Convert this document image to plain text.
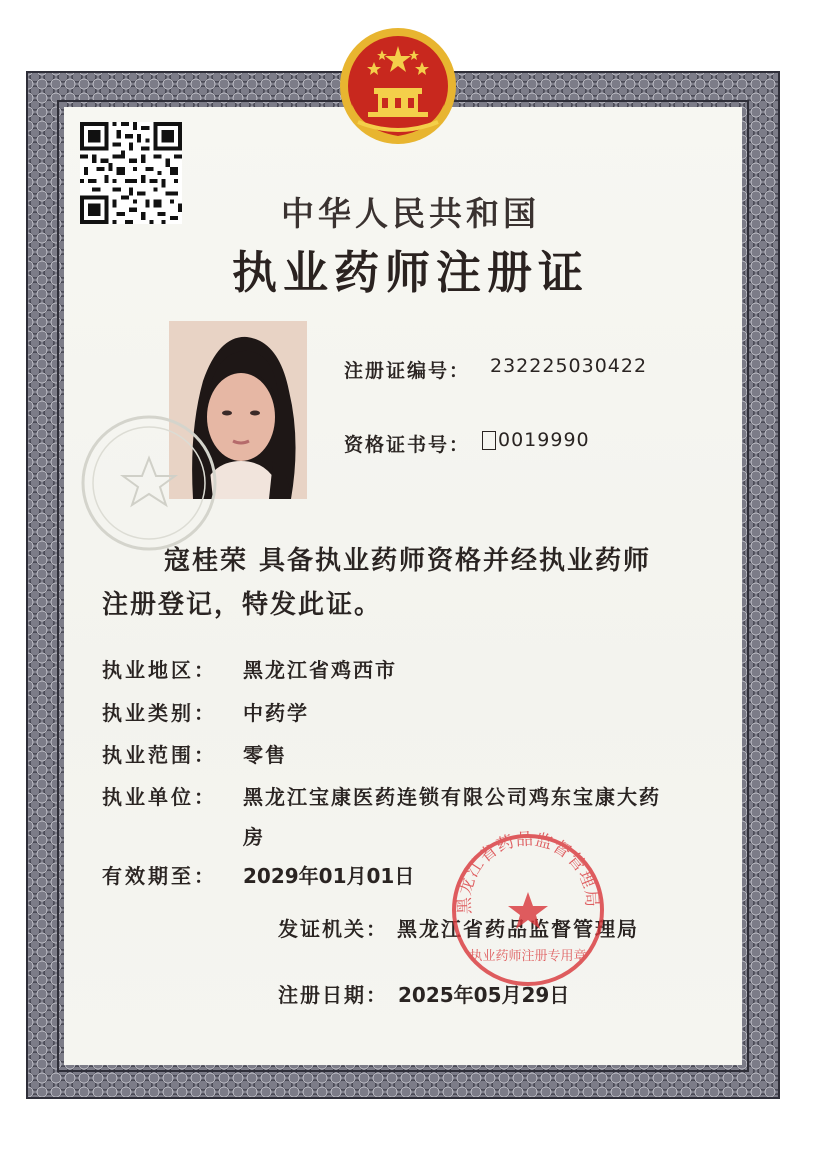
中华人民共和国
执业药师注册证
注册证编号： 232225030422
资格证书号： 0019990
寇桂荣 具备执业药师资格并经执业药师
注册登记，特发此证。
执业地区： 黑龙江省鸡西市
执业类别： 中药学
执业范围： 零售
执业单位： 黑龙江宝康医药连锁有限公司鸡东宝康大药
房
有效期至： 2029年01月01日
发证机关： 黑龙江省药品监督管理局
注册日期： 2025年05月29日
黑龙江省药品监督管理局
执业药师注册专用章
